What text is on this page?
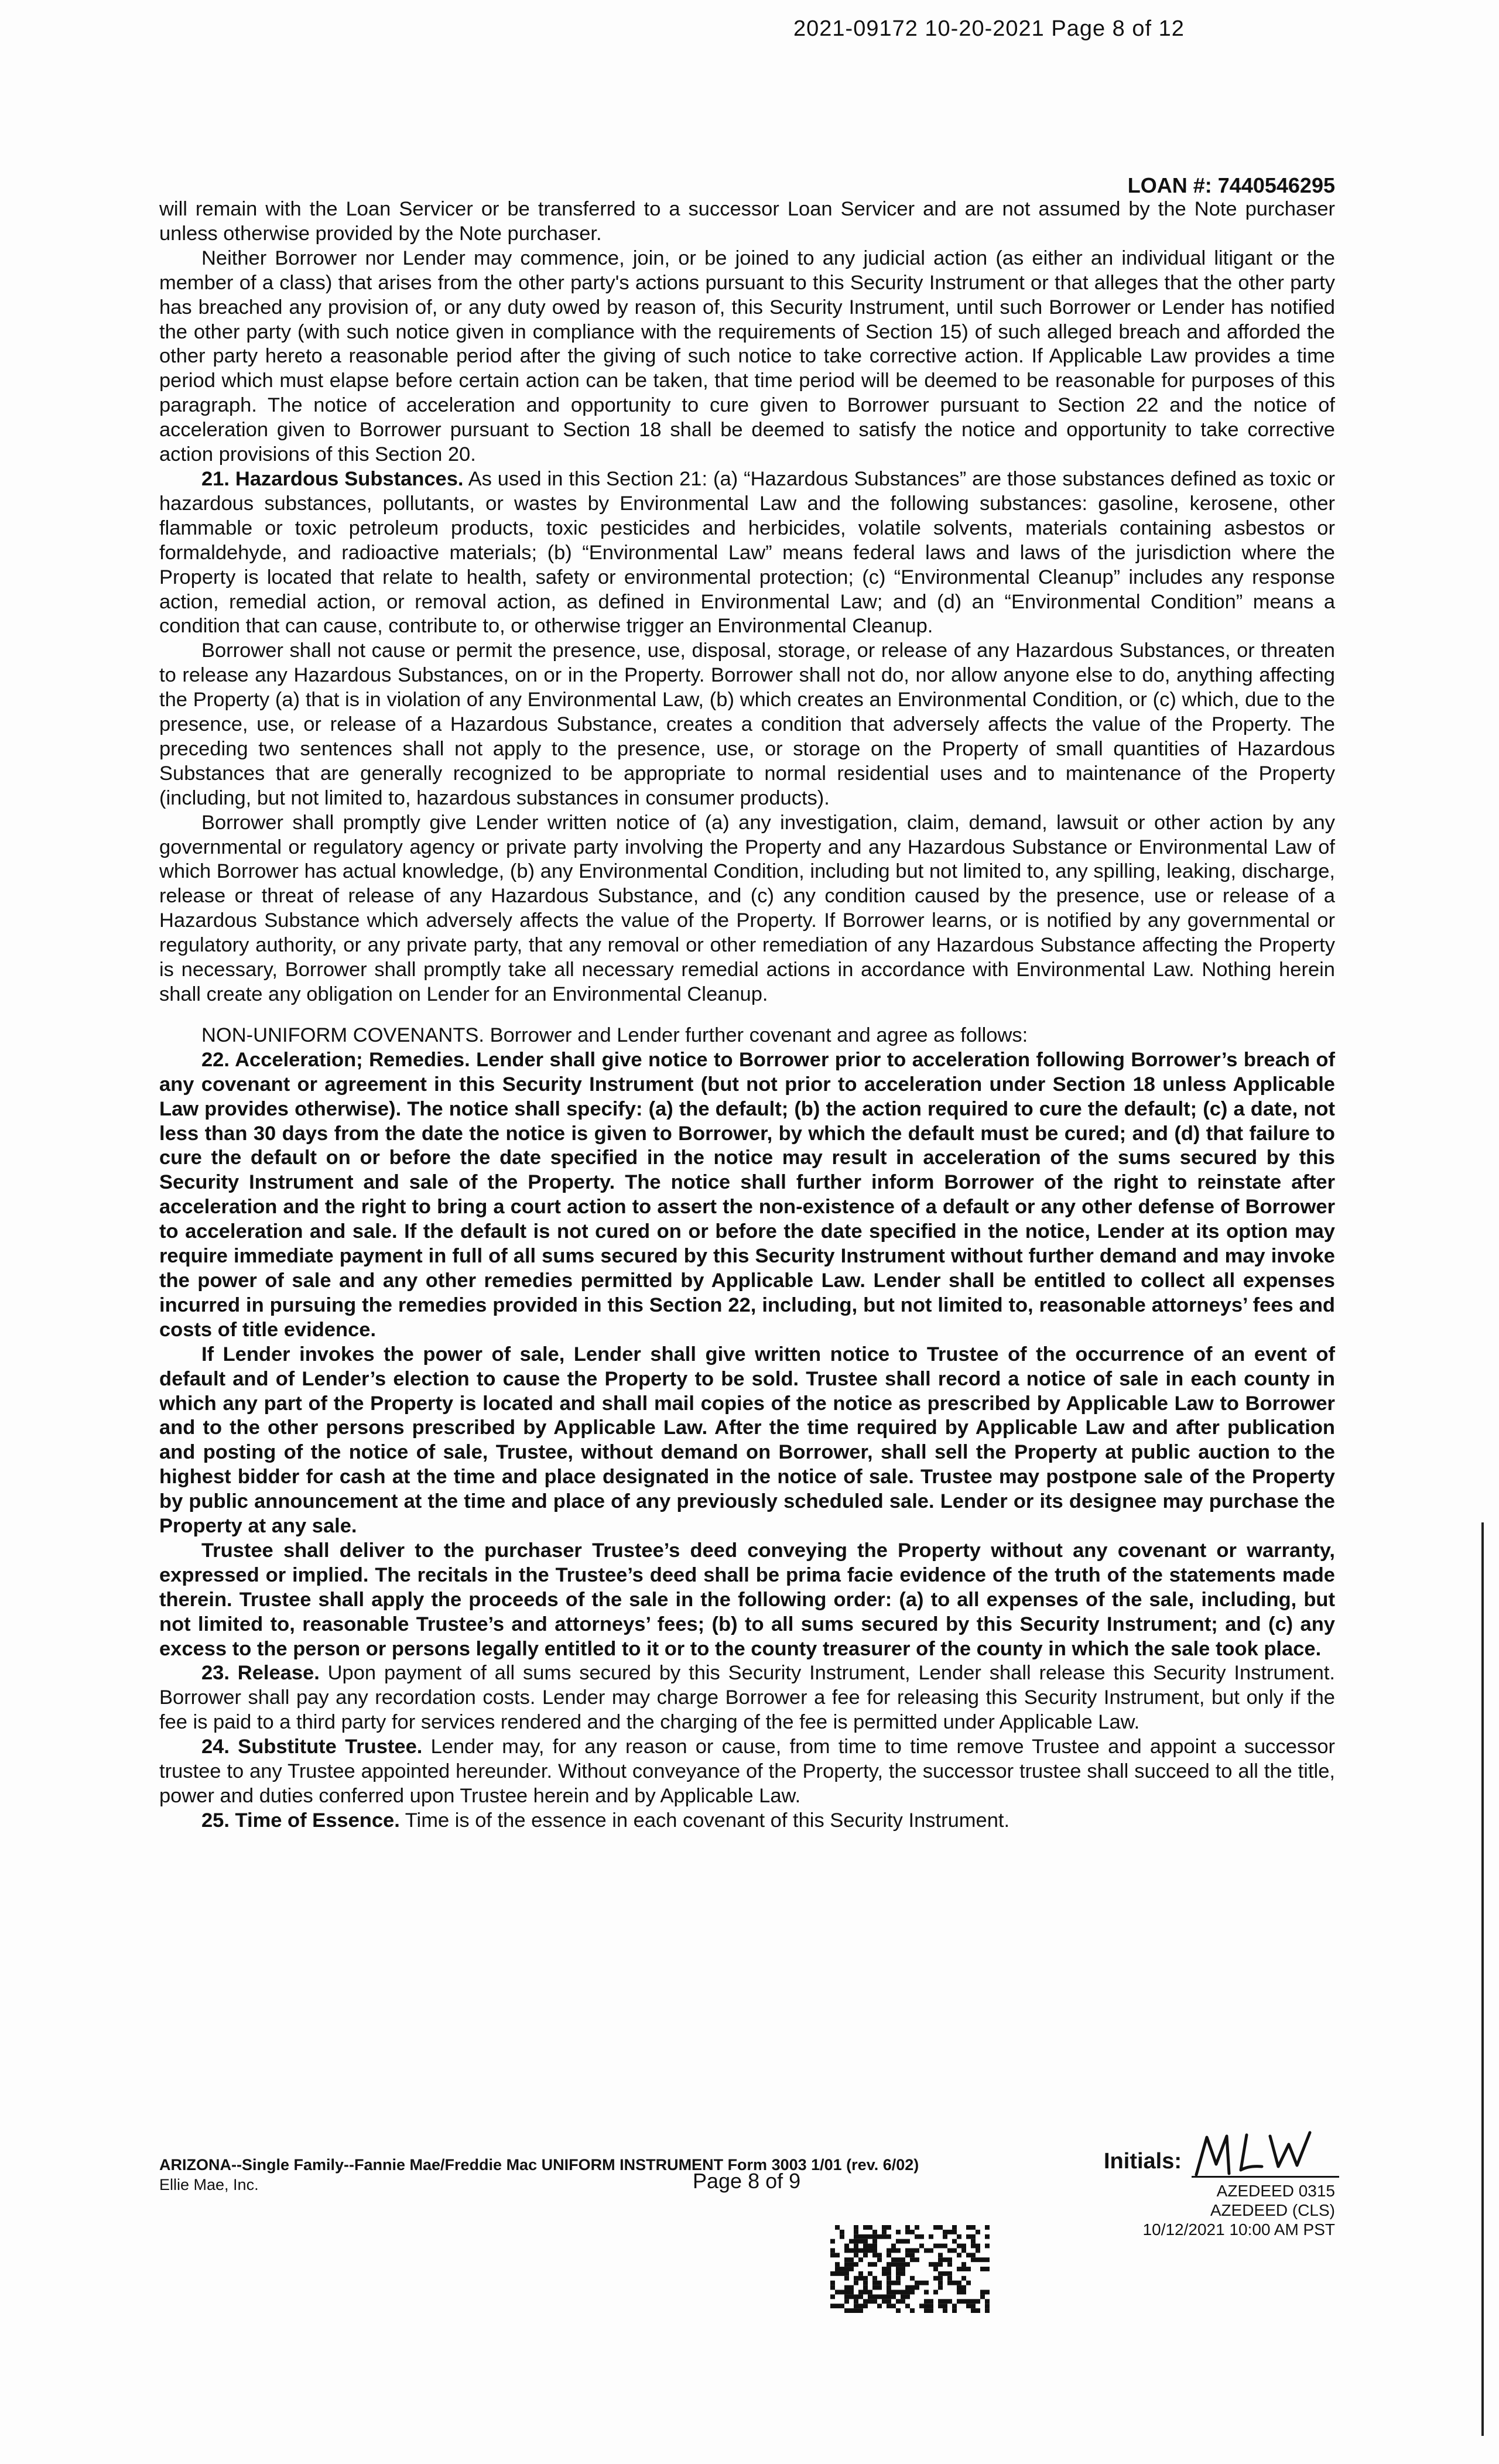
2021-09172 10-20-2021 Page 8 of 12
LOAN #: 7440546295

will remain with the Loan Servicer or be transferred to a successor Loan Servicer and are not assumed by the Note purchaser unless otherwise provided by the Note purchaser.

Neither Borrower nor Lender may commence, join, or be joined to any judicial action (as either an individual litigant or the member of a class) that arises from the other party's actions pursuant to this Security Instrument or that alleges that the other party has breached any provision of, or any duty owed by reason of, this Security Instrument, until such Borrower or Lender has notified the other party (with such notice given in compliance with the requirements of Section 15) of such alleged breach and afforded the other party hereto a reasonable period after the giving of such notice to take corrective action. If Applicable Law provides a time period which must elapse before certain action can be taken, that time period will be deemed to be reasonable for purposes of this paragraph. The notice of acceleration and opportunity to cure given to Borrower pursuant to Section 22 and the notice of acceleration given to Borrower pursuant to Section 18 shall be deemed to satisfy the notice and opportunity to take corrective action provisions of this Section 20.

21. Hazardous Substances. As used in this Section 21: (a) “Hazardous Substances” are those substances defined as toxic or hazardous substances, pollutants, or wastes by Environmental Law and the following substances: gasoline, kerosene, other flammable or toxic petroleum products, toxic pesticides and herbicides, volatile solvents, materials containing asbestos or formaldehyde, and radioactive materials; (b) “Environmental Law” means federal laws and laws of the jurisdiction where the Property is located that relate to health, safety or environmental protection; (c) “Environmental Cleanup” includes any response action, remedial action, or removal action, as defined in Environmental Law; and (d) an “Environmental Condition” means a condition that can cause, contribute to, or otherwise trigger an Environmental Cleanup.

Borrower shall not cause or permit the presence, use, disposal, storage, or release of any Hazardous Substances, or threaten to release any Hazardous Substances, on or in the Property. Borrower shall not do, nor allow anyone else to do, anything affecting the Property (a) that is in violation of any Environmental Law, (b) which creates an Environmental Condition, or (c) which, due to the presence, use, or release of a Hazardous Substance, creates a condition that adversely affects the value of the Property. The preceding two sentences shall not apply to the presence, use, or storage on the Property of small quantities of Hazardous Substances that are generally recognized to be appropriate to normal residential uses and to maintenance of the Property (including, but not limited to, hazardous substances in consumer products).

Borrower shall promptly give Lender written notice of (a) any investigation, claim, demand, lawsuit or other action by any governmental or regulatory agency or private party involving the Property and any Hazardous Substance or Environmental Law of which Borrower has actual knowledge, (b) any Environmental Condition, including but not limited to, any spilling, leaking, discharge, release or threat of release of any Hazardous Substance, and (c) any condition caused by the presence, use or release of a Hazardous Substance which adversely affects the value of the Property. If Borrower learns, or is notified by any governmental or regulatory authority, or any private party, that any removal or other remediation of any Hazardous Substance affecting the Property is necessary, Borrower shall promptly take all necessary remedial actions in accordance with Environmental Law. Nothing herein shall create any obligation on Lender for an Environmental Cleanup.

NON-UNIFORM COVENANTS. Borrower and Lender further covenant and agree as follows:

22. Acceleration; Remedies. Lender shall give notice to Borrower prior to acceleration following Borrower’s breach of any covenant or agreement in this Security Instrument (but not prior to acceleration under Section 18 unless Applicable Law provides otherwise). The notice shall specify: (a) the default; (b) the action required to cure the default; (c) a date, not less than 30 days from the date the notice is given to Borrower, by which the default must be cured; and (d) that failure to cure the default on or before the date specified in the notice may result in acceleration of the sums secured by this Security Instrument and sale of the Property. The notice shall further inform Borrower of the right to reinstate after acceleration and the right to bring a court action to assert the non-existence of a default or any other defense of Borrower to acceleration and sale. If the default is not cured on or before the date specified in the notice, Lender at its option may require immediate payment in full of all sums secured by this Security Instrument without further demand and may invoke the power of sale and any other remedies permitted by Applicable Law. Lender shall be entitled to collect all expenses incurred in pursuing the remedies provided in this Section 22, including, but not limited to, reasonable attorneys’ fees and costs of title evidence.

If Lender invokes the power of sale, Lender shall give written notice to Trustee of the occurrence of an event of default and of Lender’s election to cause the Property to be sold. Trustee shall record a notice of sale in each county in which any part of the Property is located and shall mail copies of the notice as prescribed by Applicable Law to Borrower and to the other persons prescribed by Applicable Law. After the time required by Applicable Law and after publication and posting of the notice of sale, Trustee, without demand on Borrower, shall sell the Property at public auction to the highest bidder for cash at the time and place designated in the notice of sale. Trustee may postpone sale of the Property by public announcement at the time and place of any previously scheduled sale. Lender or its designee may purchase the Property at any sale.

Trustee shall deliver to the purchaser Trustee’s deed conveying the Property without any covenant or warranty, expressed or implied. The recitals in the Trustee’s deed shall be prima facie evidence of the truth of the statements made therein. Trustee shall apply the proceeds of the sale in the following order: (a) to all expenses of the sale, including, but not limited to, reasonable Trustee’s and attorneys’ fees; (b) to all sums secured by this Security Instrument; and (c) any excess to the person or persons legally entitled to it or to the county treasurer of the county in which the sale took place.

23. Release. Upon payment of all sums secured by this Security Instrument, Lender shall release this Security Instrument. Borrower shall pay any recordation costs. Lender may charge Borrower a fee for releasing this Security Instrument, but only if the fee is paid to a third party for services rendered and the charging of the fee is permitted under Applicable Law.

24. Substitute Trustee. Lender may, for any reason or cause, from time to time remove Trustee and appoint a successor trustee to any Trustee appointed hereunder. Without conveyance of the Property, the successor trustee shall succeed to all the title, power and duties conferred upon Trustee herein and by Applicable Law.

25. Time of Essence. Time is of the essence in each covenant of this Security Instrument.

ARIZONA--Single Family--Fannie Mae/Freddie Mac UNIFORM INSTRUMENT Form 3003 1/01 (rev. 6/02)
Ellie Mae, Inc.	Page 8 of 9
Initials:
AZEDEED 0315
AZEDEED (CLS)
10/12/2021 10:00 AM PST
